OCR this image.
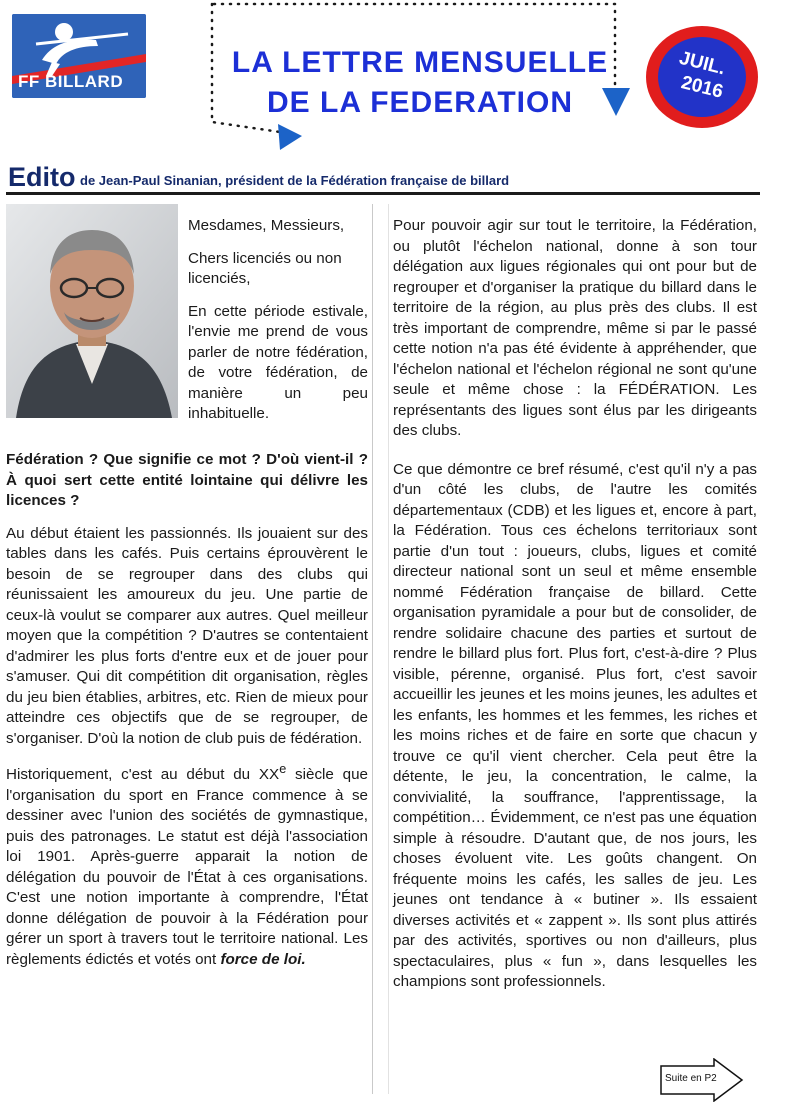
FF BILLARD
LA LETTRE MENSUELLE
DE LA FEDERATION
JUIL.
2016
Edito de Jean-Paul Sinanian, président de la Fédération française de billard

Mesdames, Messieurs,

Chers licenciés ou non licenciés,

En cette période estivale, l'envie me prend de vous parler de notre fédération, de votre fédération, de manière un peu inhabituelle.

Fédération ? Que signifie ce mot ? D'où vient-il ? À quoi sert cette entité lointaine qui délivre les licences ?

Au début étaient les passionnés. Ils jouaient sur des tables dans les cafés. Puis certains éprouvèrent le besoin de se regrouper dans des clubs qui réunissaient les amoureux du jeu. Une partie de ceux-là voulut se comparer aux autres. Quel meilleur moyen que la compétition ? D'autres se contentaient d'admirer les plus forts d'entre eux et de jouer pour s'amuser. Qui dit compétition dit organisation, règles du jeu bien établies, arbitres, etc. Rien de mieux pour atteindre ces objectifs que de se regrouper, de s'organiser. D'où la notion de club puis de fédération.

Historiquement, c'est au début du XXe siècle que l'organisation du sport en France commence à se dessiner avec l'union des sociétés de gymnastique, puis des patronages. Le statut est déjà l'association loi 1901. Après-guerre apparait la notion de délégation du pouvoir de l'État à ces organisations. C'est une notion importante à comprendre, l'État donne délégation de pouvoir à la Fédération pour gérer un sport à travers tout le territoire national. Les règlements édictés et votés ont force de loi.

Pour pouvoir agir sur tout le territoire, la Fédération, ou plutôt l'échelon national, donne à son tour délégation aux ligues régionales qui ont pour but de regrouper et d'organiser la pratique du billard dans le territoire de la région, au plus près des clubs. Il est très important de comprendre, même si par le passé cette notion n'a pas été évidente à appréhender, que l'échelon national et l'échelon régional ne sont qu'une seule et même chose : la FÉDÉRATION. Les représentants des ligues sont élus par les dirigeants des clubs.

Ce que démontre ce bref résumé, c'est qu'il n'y a pas d'un côté les clubs, de l'autre les comités départementaux (CDB) et les ligues et, encore à part, la Fédération. Tous ces échelons territoriaux sont partie d'un tout : joueurs, clubs, ligues et comité directeur national sont un seul et même ensemble nommé Fédération française de billard. Cette organisation pyramidale a pour but de consolider, de rendre solidaire chacune des parties et surtout de rendre le billard plus fort. Plus fort, c'est-à-dire ? Plus visible, pérenne, organisé. Plus fort, c'est savoir accueillir les jeunes et les moins jeunes, les adultes et les enfants, les hommes et les femmes, les riches et les moins riches et de faire en sorte que chacun y trouve ce qu'il vient chercher. Cela peut être la détente, le jeu, la concentration, le calme, la convivialité, la souffrance, l'apprentissage, la compétition… Évidemment, ce n'est pas une équation simple à résoudre. D'autant que, de nos jours, les choses évoluent vite. Les goûts changent. On fréquente moins les cafés, les salles de jeu. Les jeunes ont tendance à « butiner ». Ils essaient diverses activités et « zappent ». Ils sont plus attirés par des activités, sportives ou non d'ailleurs, plus spectaculaires, plus « fun », dans lesquelles les champions sont professionnels.

Suite en P2
